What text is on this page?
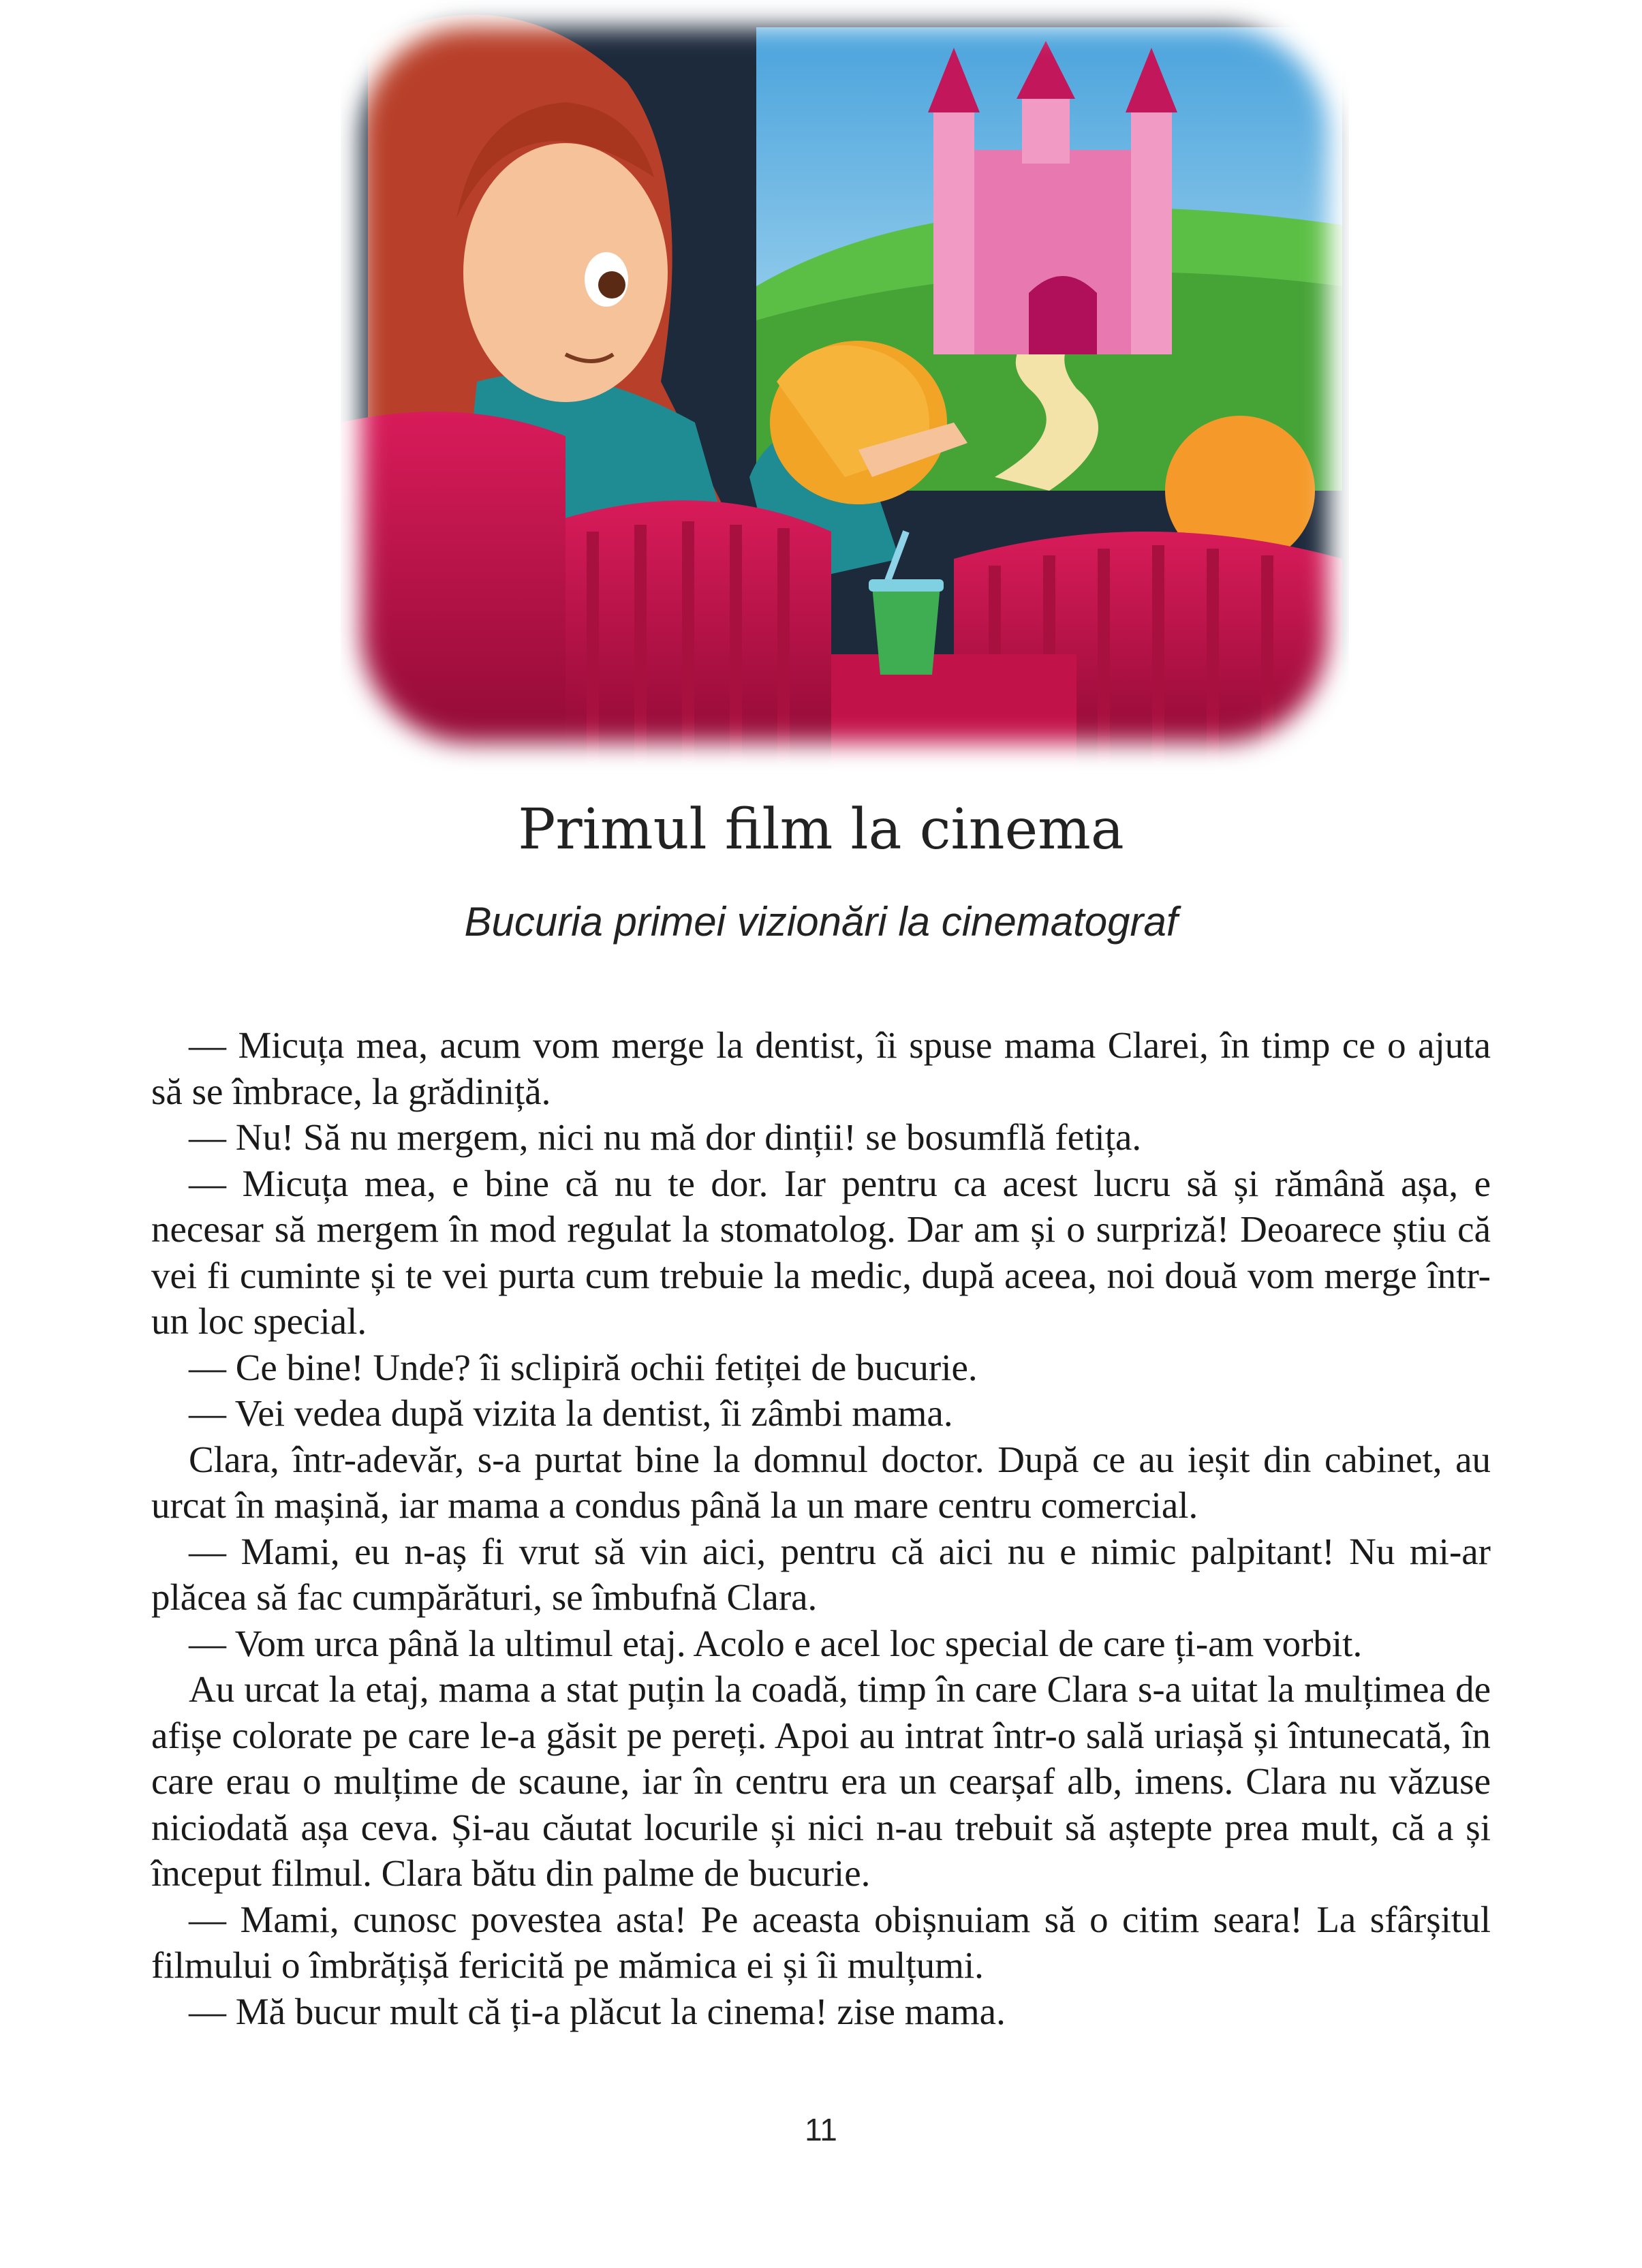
Primul film la cinema
Bucuria primei vizionări la cinematograf

— Micuța mea, acum vom merge la dentist, îi spuse mama Clarei, în timp ce o ajuta să se îmbrace, la grădiniță.

— Nu! Să nu mergem, nici nu mă dor dinții! se bosumflă fetița.

— Micuța mea, e bine că nu te dor. Iar pentru ca acest lucru să și rămână așa, e necesar să mergem în mod regulat la stomatolog. Dar am și o surpriză! Deoarece știu că vei fi cuminte și te vei purta cum trebuie la medic, după aceea, noi două vom merge într-un loc special.

— Ce bine! Unde? îi sclipiră ochii fetiței de bucurie.

— Vei vedea după vizita la dentist, îi zâmbi mama.

Clara, într-adevăr, s-a purtat bine la domnul doctor. După ce au ieșit din cabinet, au urcat în mașină, iar mama a condus până la un mare centru comercial.

— Mami, eu n-aș fi vrut să vin aici, pentru că aici nu e nimic palpitant! Nu mi-ar plăcea să fac cumpărături, se îmbufnă Clara.

— Vom urca până la ultimul etaj. Acolo e acel loc special de care ți-am vorbit.

Au urcat la etaj, mama a stat puțin la coadă, timp în care Clara s-a uitat la mulțimea de afișe colorate pe care le-a găsit pe pereți. Apoi au intrat într-o sală uriașă și întunecată, în care erau o mulțime de scaune, iar în centru era un cearșaf alb, imens. Clara nu văzuse niciodată așa ceva. Și-au căutat locurile și nici n-au trebuit să aștepte prea mult, că a și început filmul. Clara bătu din palme de bucurie.

— Mami, cunosc povestea asta! Pe aceasta obișnuiam să o citim seara! La sfârșitul filmului o îmbrățișă fericită pe mămica ei și îi mulțumi.

— Mă bucur mult că ți-a plăcut la cinema! zise mama.

11
